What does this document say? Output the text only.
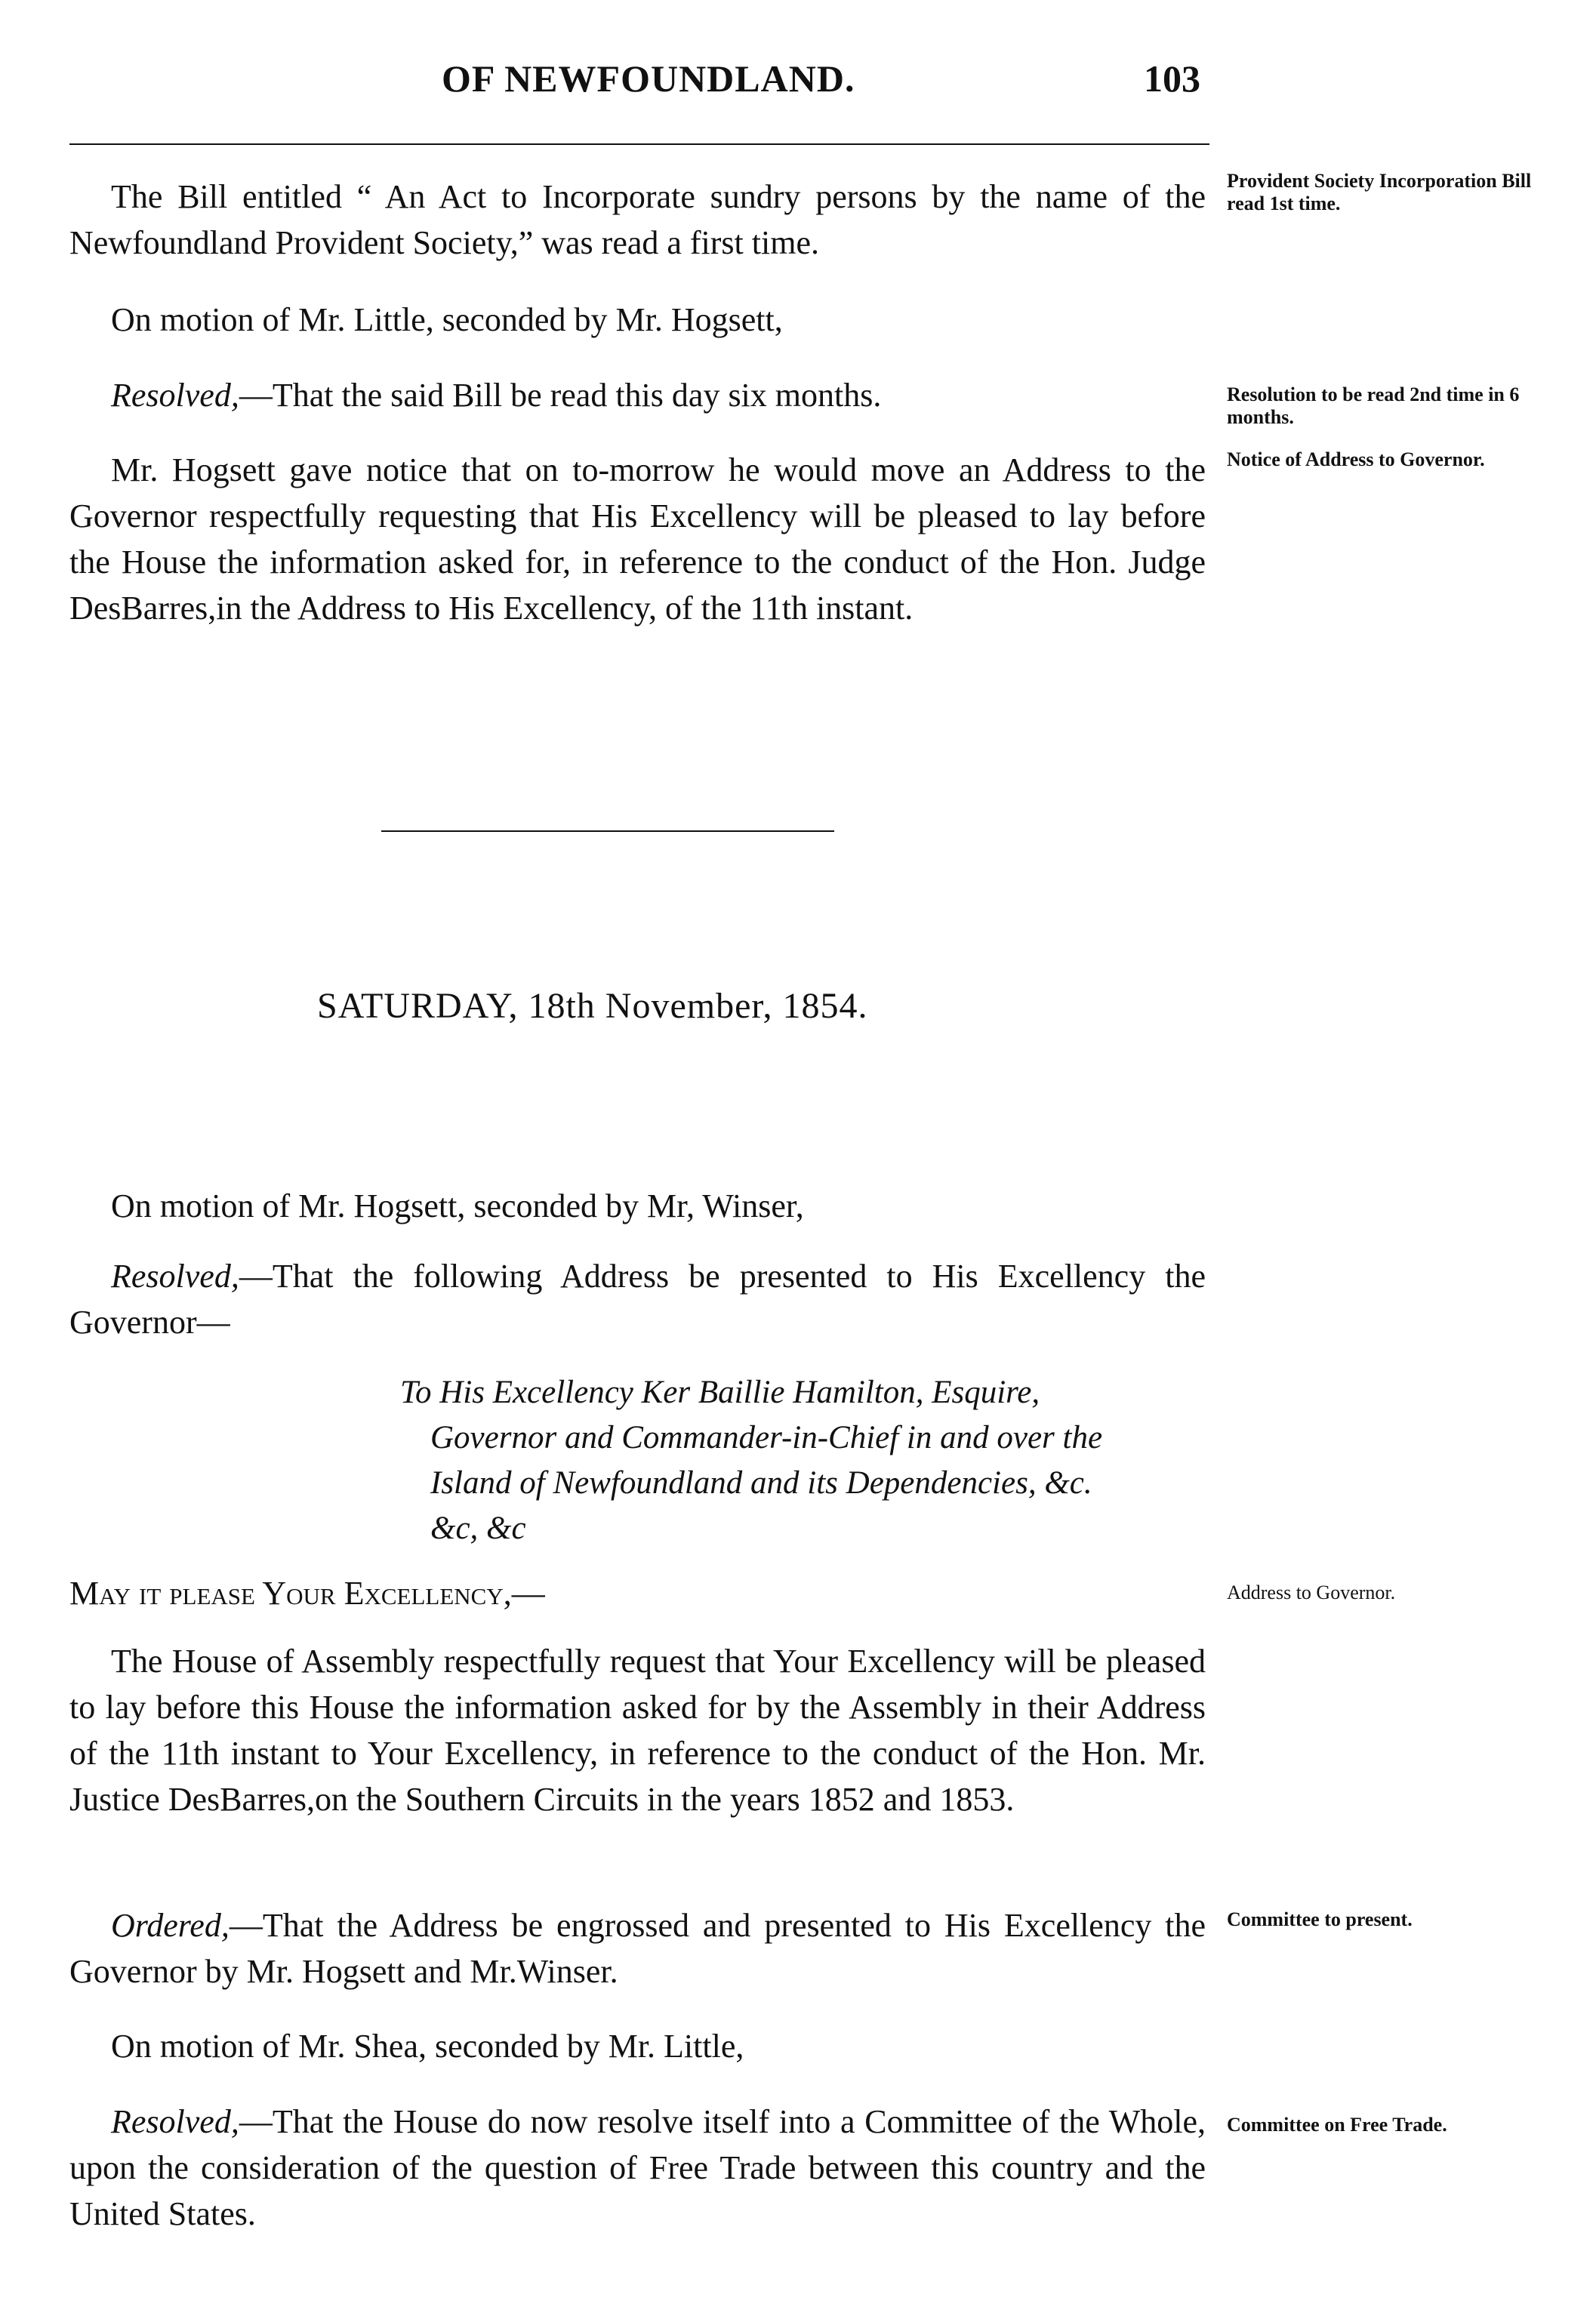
OF NEWFOUNDLAND.	103
The Bill entitled “ An Act to Incorporate sundry persons by the name of the Newfoundland Provident Society,” was read a first time.
Provident Society Incorporation Bill read 1st time.
On motion of Mr. Little, seconded by Mr. Hogsett,
Resolved,—That the said Bill be read this day six months.	Resolution to be read 2nd time in 6 months.
Mr. Hogsett gave notice that on to-morrow he would move an Address to the Governor respectfully requesting that His Excellency will be pleased to lay before the House the information asked for, in reference to the conduct of the Hon. Judge DesBarres,in the Address to His Excellency, of the 11th instant.
Notice of Address to Governor.
SATURDAY, 18th November, 1854.
On motion of Mr. Hogsett, seconded by Mr, Winser,
Resolved,—That the following Address be presented to His Excellency the Governor—
To His Excellency Ker Baillie Hamilton, Esquire,
Governor and Commander-in-Chief in and over the
Island of Newfoundland and its Dependencies, &c.
&c, &c
May it please Your Excellency,—	Address to Governor.
The House of Assembly respectfully request that Your Excellency will be pleased to lay before this House the information asked for by the Assembly in their Address of the 11th instant to Your Excellency, in reference to the conduct of the Hon. Mr. Justice DesBarres,on the Southern Circuits in the years 1852 and 1853.
Ordered,—That the Address be engrossed and presented to His Excellency the Governor by Mr. Hogsett and Mr.Winser.
Committee to present.
On motion of Mr. Shea, seconded by Mr. Little,
Resolved,—That the House do now resolve itself into a Committee of the Whole, upon the consideration of the question of Free Trade between this country and the United States.
Committee on Free Trade.
